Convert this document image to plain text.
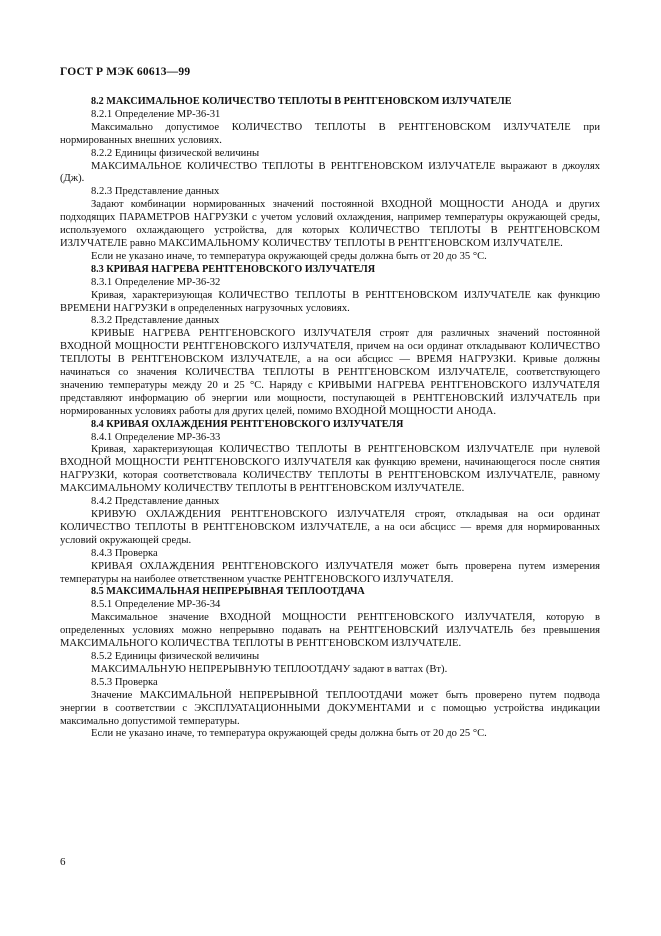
ГОСТ Р МЭК 60613—99

8.2 МАКСИМАЛЬНОЕ КОЛИЧЕСТВО ТЕПЛОТЫ В РЕНТГЕНОВСКОМ ИЗЛУЧАТЕЛЕ

8.2.1 Определение МР-36-31

Максимально допустимое КОЛИЧЕСТВО ТЕПЛОТЫ В РЕНТГЕНОВСКОМ ИЗЛУЧАТЕЛЕ при нормированных внешних условиях.

8.2.2 Единицы физической величины

МАКСИМАЛЬНОЕ КОЛИЧЕСТВО ТЕПЛОТЫ В РЕНТГЕНОВСКОМ ИЗЛУЧАТЕЛЕ выражают в джоулях (Дж).

8.2.3 Представление данных

Задают комбинации нормированных значений постоянной ВХОДНОЙ МОЩНОСТИ АНОДА и других подходящих ПАРАМЕТРОВ НАГРУЗКИ с учетом условий охлаждения, например температуры окружающей среды, используемого охлаждающего устройства, для которых КОЛИЧЕСТВО ТЕПЛОТЫ В РЕНТГЕНОВСКОМ ИЗЛУЧАТЕЛЕ равно МАКСИМАЛЬНОМУ КОЛИЧЕСТВУ ТЕПЛОТЫ В РЕНТГЕНОВСКОМ ИЗЛУЧАТЕЛЕ.

Если не указано иначе, то температура окружающей среды должна быть от 20 до 35 °С.

8.3 КРИВАЯ НАГРЕВА РЕНТГЕНОВСКОГО ИЗЛУЧАТЕЛЯ

8.3.1 Определение МР-36-32

Кривая, характеризующая КОЛИЧЕСТВО ТЕПЛОТЫ В РЕНТГЕНОВСКОМ ИЗЛУЧАТЕЛЕ как функцию ВРЕМЕНИ НАГРУЗКИ в определенных нагрузочных условиях.

8.3.2 Представление данных

КРИВЫЕ НАГРЕВА РЕНТГЕНОВСКОГО ИЗЛУЧАТЕЛЯ строят для различных значений постоянной ВХОДНОЙ МОЩНОСТИ РЕНТГЕНОВСКОГО ИЗЛУЧАТЕЛЯ, причем на оси ординат откладывают КОЛИЧЕСТВО ТЕПЛОТЫ В РЕНТГЕНОВСКОМ ИЗЛУЧАТЕЛЕ, а на оси абсцисс — ВРЕМЯ НАГРУЗКИ. Кривые должны начинаться со значения КОЛИЧЕСТВА ТЕПЛОТЫ В РЕНТГЕНОВСКОМ ИЗЛУЧАТЕЛЕ, соответствующего значению температуры между 20 и 25 °С. Наряду с КРИВЫМИ НАГРЕВА РЕНТГЕНОВСКОГО ИЗЛУЧАТЕЛЯ представляют информацию об энергии или мощности, поступающей в РЕНТГЕНОВСКИЙ ИЗЛУЧАТЕЛЬ при нормированных условиях работы для других целей, помимо ВХОДНОЙ МОЩНОСТИ АНОДА.

8.4 КРИВАЯ ОХЛАЖДЕНИЯ РЕНТГЕНОВСКОГО ИЗЛУЧАТЕЛЯ

8.4.1 Определение МР-36-33

Кривая, характеризующая КОЛИЧЕСТВО ТЕПЛОТЫ В РЕНТГЕНОВСКОМ ИЗЛУЧАТЕЛЕ при нулевой ВХОДНОЙ МОЩНОСТИ РЕНТГЕНОВСКОГО ИЗЛУЧАТЕЛЯ как функцию времени, начинающегося после снятия НАГРУЗКИ, которая соответствовала КОЛИЧЕСТВУ ТЕПЛОТЫ В РЕНТГЕНОВСКОМ ИЗЛУЧАТЕЛЕ, равному МАКСИМАЛЬНОМУ КОЛИЧЕСТВУ ТЕПЛОТЫ В РЕНТГЕНОВСКОМ ИЗЛУЧАТЕЛЕ.

8.4.2 Представление данных

КРИВУЮ ОХЛАЖДЕНИЯ РЕНТГЕНОВСКОГО ИЗЛУЧАТЕЛЯ строят, откладывая на оси ординат КОЛИЧЕСТВО ТЕПЛОТЫ В РЕНТГЕНОВСКОМ ИЗЛУЧАТЕЛЕ, а на оси абсцисс — время для нормированных условий окружающей среды.

8.4.3 Проверка

КРИВАЯ ОХЛАЖДЕНИЯ РЕНТГЕНОВСКОГО ИЗЛУЧАТЕЛЯ может быть проверена путем измерения температуры на наиболее ответственном участке РЕНТГЕНОВСКОГО ИЗЛУЧАТЕЛЯ.

8.5 МАКСИМАЛЬНАЯ НЕПРЕРЫВНАЯ ТЕПЛООТДАЧА

8.5.1 Определение МР-36-34

Максимальное значение ВХОДНОЙ МОЩНОСТИ РЕНТГЕНОВСКОГО ИЗЛУЧАТЕЛЯ, которую в определенных условиях можно непрерывно подавать на РЕНТГЕНОВСКИЙ ИЗЛУЧАТЕЛЬ без превышения МАКСИМАЛЬНОГО КОЛИЧЕСТВА ТЕПЛОТЫ В РЕНТГЕНОВСКОМ ИЗЛУЧАТЕЛЕ.

8.5.2 Единицы физической величины

МАКСИМАЛЬНУЮ НЕПРЕРЫВНУЮ ТЕПЛООТДАЧУ задают в ваттах (Вт).

8.5.3 Проверка

Значение МАКСИМАЛЬНОЙ НЕПРЕРЫВНОЙ ТЕПЛООТДАЧИ может быть проверено путем подвода энергии в соответствии с ЭКСПЛУАТАЦИОННЫМИ ДОКУМЕНТАМИ и с помощью устройства индикации максимально допустимой температуры.

Если не указано иначе, то температура окружающей среды должна быть от 20 до 25 °С.

6
